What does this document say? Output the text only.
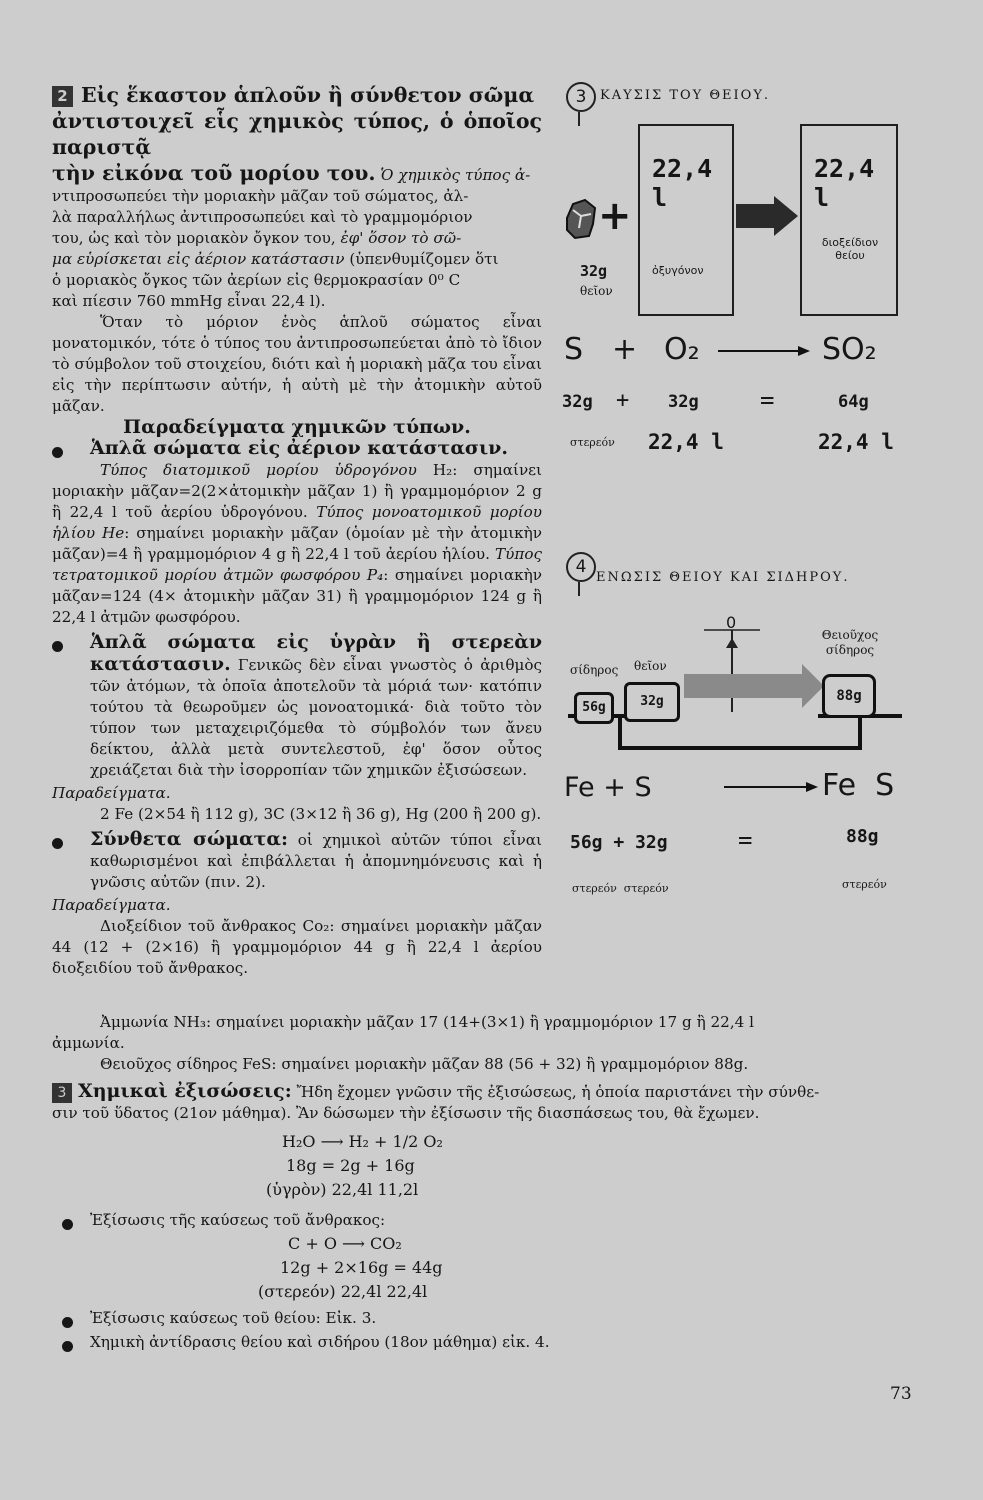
2 Εἰς ἕκαστον ἁπλοῦν ἢ σύνθετον σῶμα

ἀντιστοιχεῖ εἷς χημικὸς τύπος, ὁ ὁποῖος παριστᾷ

τὴν εἰκόνα τοῦ μορίου του. Ὁ χημικὸς τύπος ἀ-

ντιπροσωπεύει τὴν μοριακὴν μᾶζαν τοῦ σώματος, ἀλ-

λὰ παραλλήλως ἀντιπροσωπεύει καὶ τὸ γραμμομόριον

του, ὡς καὶ τὸν μοριακὸν ὄγκον του, ἐφ' ὅσον τὸ σῶ-

μα εὑρίσκεται εἰς ἀέριον κατάστασιν (ὑπενθυμίζομεν ὅτι

ὁ μοριακὸς ὄγκος τῶν ἀερίων εἰς θερμοκρασίαν 0⁰ C

καὶ πίεσιν 760 mmHg εἶναι 22,4 l).

Ὅταν τὸ μόριον ἑνὸς ἁπλοῦ σώματος εἶναι μονατομικόν, τότε ὁ τύπος του ἀντιπροσωπεύεται ἀπὸ τὸ ἴδιον τὸ σύμβολον τοῦ στοιχείου, διότι καὶ ἡ μοριακὴ μᾶζα του εἶναι εἰς τὴν περίπτωσιν αὐτήν, ἡ αὐτὴ μὲ τὴν ἀτομικὴν αὐτοῦ μᾶζαν.

Παραδείγματα χημικῶν τύπων.

Ἁπλᾶ σώματα εἰς ἀέριον κατάστασιν.

Τύπος διατομικοῦ μορίου ὑδρογόνου H₂: σημαίνει μοριακὴν μᾶζαν=2(2×ἀτομικὴν μᾶζαν 1) ἢ γραμμομόριον 2 g ἢ 22,4 l τοῦ ἀερίου ὑδρογόνου. Τύπος μονοατομικοῦ μορίου ἡλίου He: σημαίνει μοριακὴν μᾶζαν (ὁμοίαν μὲ τὴν ἀτομικὴν μᾶζαν)=4 ἢ γραμμομόριον 4 g ἢ 22,4 l τοῦ ἀερίου ἡλίου. Τύπος τετρατομικοῦ μορίου ἀτμῶν φωσφόρου P₄: σημαίνει μοριακὴν μᾶζαν=124 (4× ἀτομικὴν μᾶζαν 31) ἢ γραμμομόριον 124 g ἢ 22,4 l ἀτμῶν φωσφόρου.

Ἁπλᾶ σώματα εἰς ὑγρὰν ἢ στερεὰν κατάστασιν. Γενικῶς δὲν εἶναι γνωστὸς ὁ ἀριθμὸς τῶν ἀτόμων, τὰ ὁποῖα ἀποτελοῦν τὰ μόριά των· κατόπιν τούτου τὰ θεωροῦμεν ὡς μονοατομικά· διὰ τοῦτο τὸν τύπον των μεταχειριζόμεθα τὸ σύμβολόν των ἄνευ δείκτου, ἀλλὰ μετὰ συντελεστοῦ, ἐφ' ὅσον οὗτος χρειάζεται διὰ τὴν ἰσορροπίαν τῶν χημικῶν ἐξισώσεων.

Παραδείγματα.

2 Fe (2×54 ἢ 112 g), 3C (3×12 ἢ 36 g), Hg (200 ἢ 200 g).

Σύνθετα σώματα: οἱ χημικοὶ αὐτῶν τύποι εἶναι καθωρισμένοι καὶ ἐπιβάλλεται ἡ ἀπομνημόνευσις καὶ ἡ γνῶσις αὐτῶν (πιν. 2).

Παραδείγματα.

Διοξείδιον τοῦ ἄνθρακος Co₂: σημαίνει μοριακὴν μᾶζαν 44 (12 + (2×16) ἢ γραμμομόριον 44 g ἢ 22,4 l ἀερίου διοξειδίου τοῦ ἄνθρακος.

Ἀμμωνία NH₃: σημαίνει μοριακὴν μᾶζαν 17 (14+(3×1) ἢ γραμμομόριον 17 g ἢ 22,4 l

ἀμμωνία.

Θειοῦχος σίδηρος FeS: σημαίνει μοριακὴν μᾶζαν 88 (56 + 32) ἢ γραμμομόριον 88g.

3 Χημικαὶ ἐξισώσεις: Ἤδη ἔχομεν γνῶσιν τῆς ἐξισώσεως, ἡ ὁποία παριστάνει τὴν σύνθε-

σιν τοῦ ὕδατος (21ον μάθημα). Ἂν δώσωμεν τὴν ἐξίσωσιν τῆς διασπάσεως του, θὰ ἔχωμεν.

H₂O ⟶ H₂ + 1/2 O₂
18g = 2g + 16g
(ὑγρὸν) 22,4l 11,2l
Ἐξίσωσις τῆς καύσεως τοῦ ἄνθρακος:
C + O ⟶ CO₂
12g + 2×16g = 44g
(στερεόν) 22,4l 22,4l
Ἐξίσωσις καύσεως τοῦ θείου: Εἰκ. 3.
Χημικὴ ἀντίδρασις θείου καὶ σιδήρου (18ον μάθημα) εἰκ. 4.
73
3	ΚΑΥΣΙΣ ΤΟΥ ΘΕΙΟΥ.
22,4 l
ὀξυγόνον
22,4 l
διοξείδιον θείου
+
32g
θεῖον
S + O₂	SO₂
32g + 32g	=	64g
στερεόν 22,4 l	22,4 l
4
ΕΝΩΣΙΣ ΘΕΙΟΥ ΚΑΙ ΣΙΔΗΡΟΥ.
σίδηρος θεῖον
Θειοῦχος σίδηρος
0
56g	32g	88g
Fe + S	Fe  S
56g + 32g	=	88g
στερεόν  στερεόν	στερεόν
